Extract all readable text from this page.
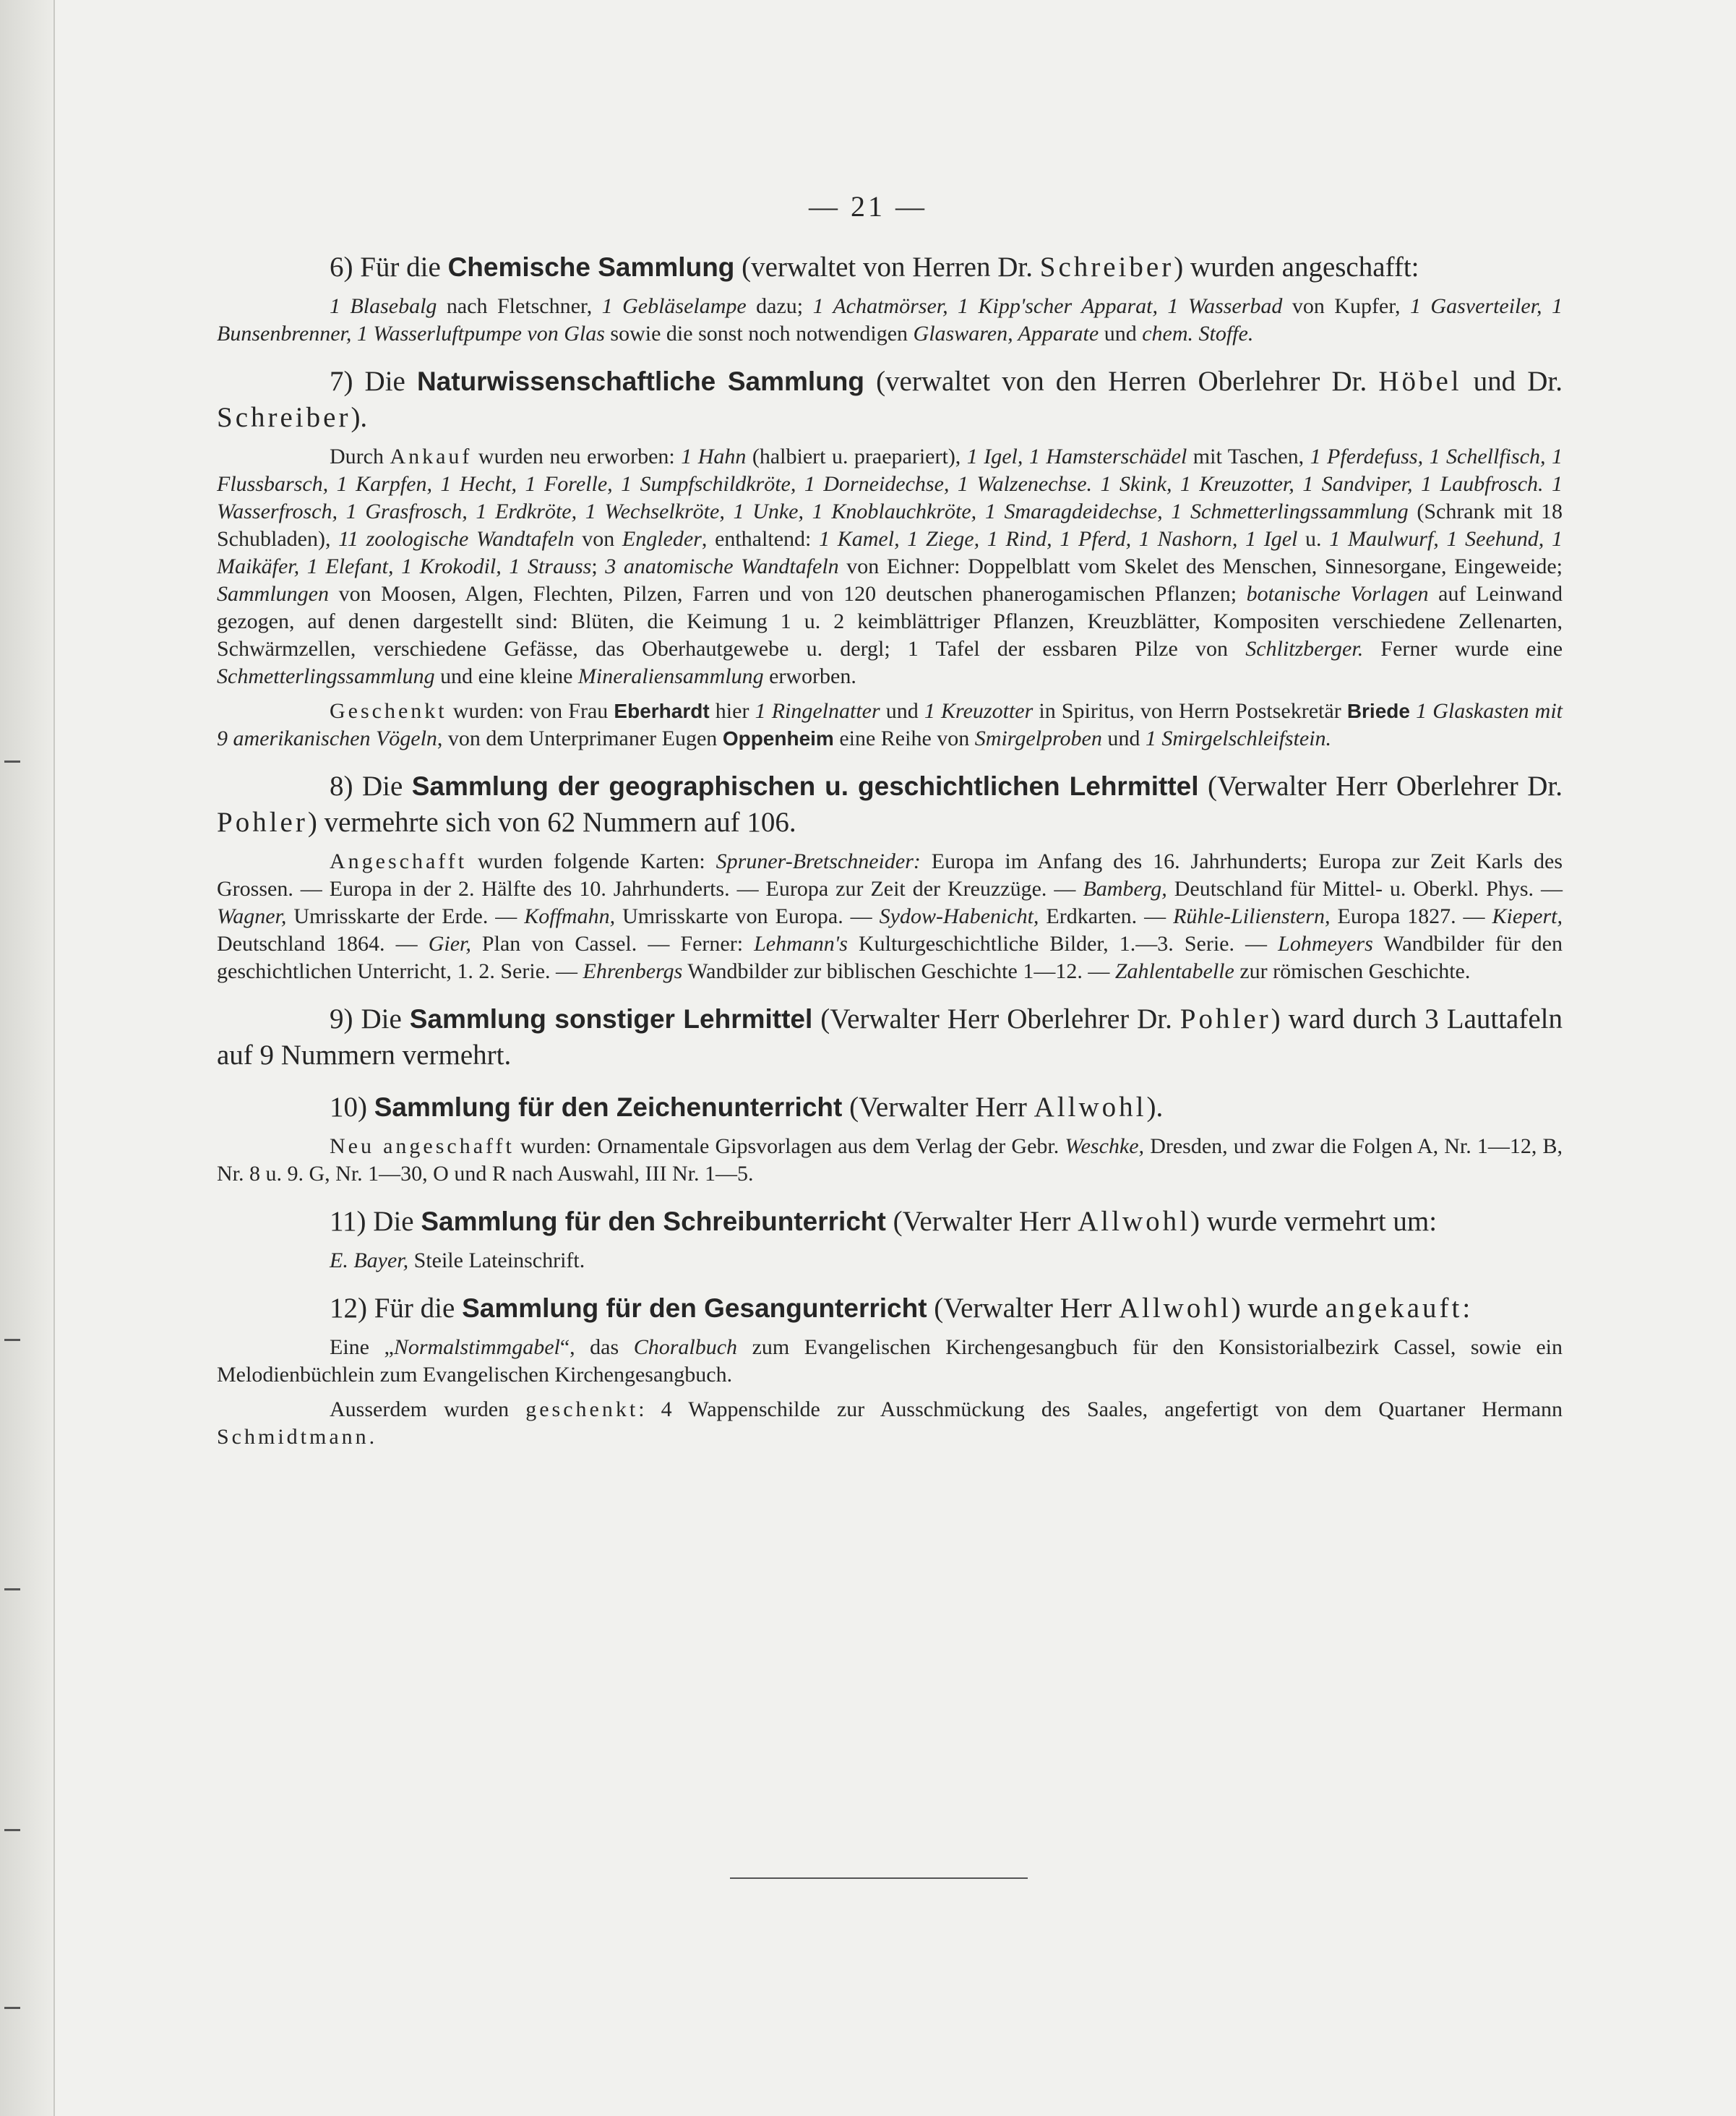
— 21 —
6) Für die Chemische Sammlung (verwaltet von Herren Dr. Schreiber) wurden angeschafft:

1 Blasebalg nach Fletschner, 1 Gebläselampe dazu; 1 Achatmörser, 1 Kipp'scher Apparat, 1 Wasserbad von Kupfer, 1 Gasverteiler, 1 Bunsenbrenner, 1 Wasserluftpumpe von Glas sowie die sonst noch notwendigen Glaswaren, Apparate und chem. Stoffe.

7) Die Naturwissenschaftliche Sammlung (verwaltet von den Herren Oberlehrer Dr. Höbel und Dr. Schreiber).

Durch Ankauf wurden neu erworben: 1 Hahn (halbiert u. praepariert), 1 Igel, 1 Hamsterschädel mit Taschen, 1 Pferdefuss, 1 Schellfisch, 1 Flussbarsch, 1 Karpfen, 1 Hecht, 1 Forelle, 1 Sumpfschildkröte, 1 Dorneidechse, 1 Walzenechse. 1 Skink, 1 Kreuzotter, 1 Sandviper, 1 Laubfrosch. 1 Wasserfrosch, 1 Grasfrosch, 1 Erdkröte, 1 Wechselkröte, 1 Unke, 1 Knoblauchkröte, 1 Smaragdeidechse, 1 Schmetterlingssammlung (Schrank mit 18 Schubladen), 11 zoologische Wandtafeln von Engleder, enthaltend: 1 Kamel, 1 Ziege, 1 Rind, 1 Pferd, 1 Nashorn, 1 Igel u. 1 Maulwurf, 1 Seehund, 1 Maikäfer, 1 Elefant, 1 Krokodil, 1 Strauss; 3 anatomische Wandtafeln von Eichner: Doppelblatt vom Skelet des Menschen, Sinnesorgane, Eingeweide; Sammlungen von Moosen, Algen, Flechten, Pilzen, Farren und von 120 deutschen phanerogamischen Pflanzen; botanische Vorlagen auf Leinwand gezogen, auf denen dargestellt sind: Blüten, die Keimung 1 u. 2 keimblättriger Pflanzen, Kreuzblätter, Kompositen verschiedene Zellenarten, Schwärmzellen, verschiedene Gefässe, das Oberhautgewebe u. dergl; 1 Tafel der essbaren Pilze von Schlitzberger. Ferner wurde eine Schmetterlingssammlung und eine kleine Mineraliensammlung erworben.

Geschenkt wurden: von Frau Eberhardt hier 1 Ringelnatter und 1 Kreuzotter in Spiritus, von Herrn Postsekretär Briede 1 Glaskasten mit 9 amerikanischen Vögeln, von dem Unterprimaner Eugen Oppenheim eine Reihe von Smirgelproben und 1 Smirgelschleifstein.

8) Die Sammlung der geographischen u. geschichtlichen Lehrmittel (Verwalter Herr Oberlehrer Dr. Pohler) vermehrte sich von 62 Nummern auf 106.

Angeschafft wurden folgende Karten: Spruner-Bretschneider: Europa im Anfang des 16. Jahrhunderts; Europa zur Zeit Karls des Grossen. — Europa in der 2. Hälfte des 10. Jahrhunderts. — Europa zur Zeit der Kreuzzüge. — Bamberg, Deutschland für Mittel- u. Oberkl. Phys. — Wagner, Umrisskarte der Erde. — Koffmahn, Umrisskarte von Europa. — Sydow-Habenicht, Erdkarten. — Rühle-Lilienstern, Europa 1827. — Kiepert, Deutschland 1864. — Gier, Plan von Cassel. — Ferner: Lehmann's Kulturgeschichtliche Bilder, 1.—3. Serie. — Lohmeyers Wandbilder für den geschichtlichen Unterricht, 1. 2. Serie. — Ehrenbergs Wandbilder zur biblischen Geschichte 1—12. — Zahlentabelle zur römischen Geschichte.

9) Die Sammlung sonstiger Lehrmittel (Verwalter Herr Oberlehrer Dr. Pohler) ward durch 3 Lauttafeln auf 9 Nummern vermehrt.
10) Sammlung für den Zeichenunterricht (Verwalter Herr Allwohl).

Neu angeschafft wurden: Ornamentale Gipsvorlagen aus dem Verlag der Gebr. Weschke, Dresden, und zwar die Folgen A, Nr. 1—12, B, Nr. 8 u. 9. G, Nr. 1—30, O und R nach Auswahl, III Nr. 1—5.

11) Die Sammlung für den Schreibunterricht (Verwalter Herr Allwohl) wurde vermehrt um:

E. Bayer, Steile Lateinschrift.

12) Für die Sammlung für den Gesangunterricht (Verwalter Herr Allwohl) wurde angekauft:

Eine „Normalstimmgabel“, das Choralbuch zum Evangelischen Kirchengesangbuch für den Konsistorialbezirk Cassel, sowie ein Melodienbüchlein zum Evangelischen Kirchengesangbuch.

Ausserdem wurden geschenkt: 4 Wappenschilde zur Ausschmückung des Saales, angefertigt von dem Quartaner Hermann Schmidtmann.
